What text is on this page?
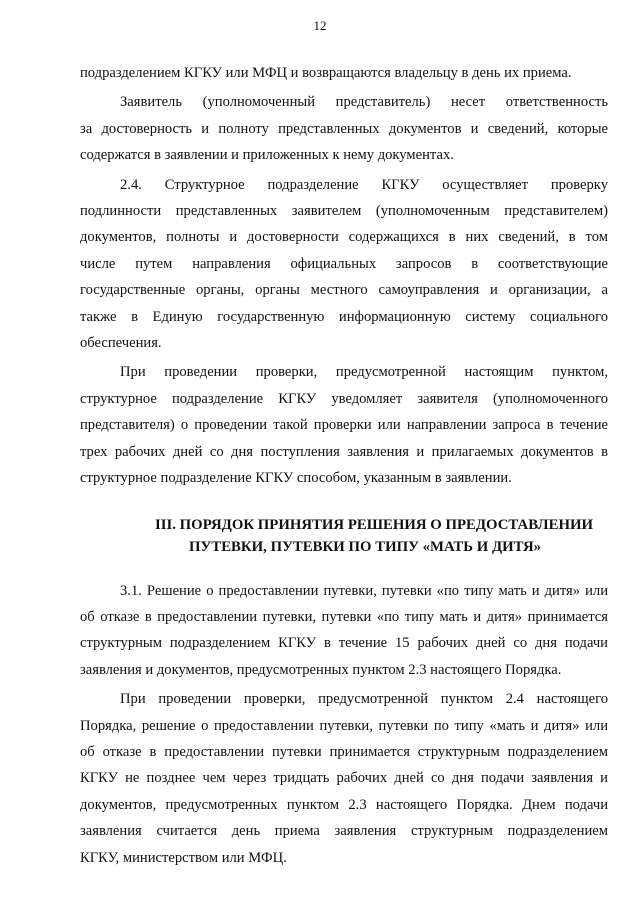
12
подразделением КГКУ или МФЦ и возвращаются владельцу в день их приема.
Заявитель (уполномоченный представитель) несет ответственность
за достоверность и полноту представленных документов и сведений, которые
содержатся в заявлении и приложенных к нему документах.
2.4. Структурное подразделение КГКУ осуществляет проверку
подлинности представленных заявителем (уполномоченным представителем)
документов, полноты и достоверности содержащихся в них сведений, в том
числе путем направления официальных запросов в соответствующие
государственные органы, органы местного самоуправления и организации, а
также в Единую государственную информационную систему социального
обеспечения.
При проведении проверки, предусмотренной настоящим пунктом,
структурное подразделение КГКУ уведомляет заявителя (уполномоченного
представителя) о проведении такой проверки или направлении запроса в течение
трех рабочих дней со дня поступления заявления и прилагаемых документов в
структурное подразделение КГКУ способом, указанным в заявлении.
III. ПОРЯДОК ПРИНЯТИЯ РЕШЕНИЯ О ПРЕДОСТАВЛЕНИИ
ПУТЕВКИ, ПУТЕВКИ ПО ТИПУ «МАТЬ И ДИТЯ»
3.1. Решение о предоставлении путевки, путевки «по типу мать и дитя» или
об отказе в предоставлении путевки, путевки «по типу мать и дитя» принимается
структурным подразделением КГКУ в течение 15 рабочих дней со дня подачи
заявления и документов, предусмотренных пунктом 2.3 настоящего Порядка.
При проведении проверки, предусмотренной пунктом 2.4 настоящего
Порядка, решение о предоставлении путевки, путевки по типу «мать и дитя» или
об отказе в предоставлении путевки принимается структурным подразделением
КГКУ не позднее чем через тридцать рабочих дней со дня подачи заявления и
документов, предусмотренных пунктом 2.3 настоящего Порядка. Днем подачи
заявления считается день приема заявления структурным подразделением
КГКУ, министерством или МФЦ.
